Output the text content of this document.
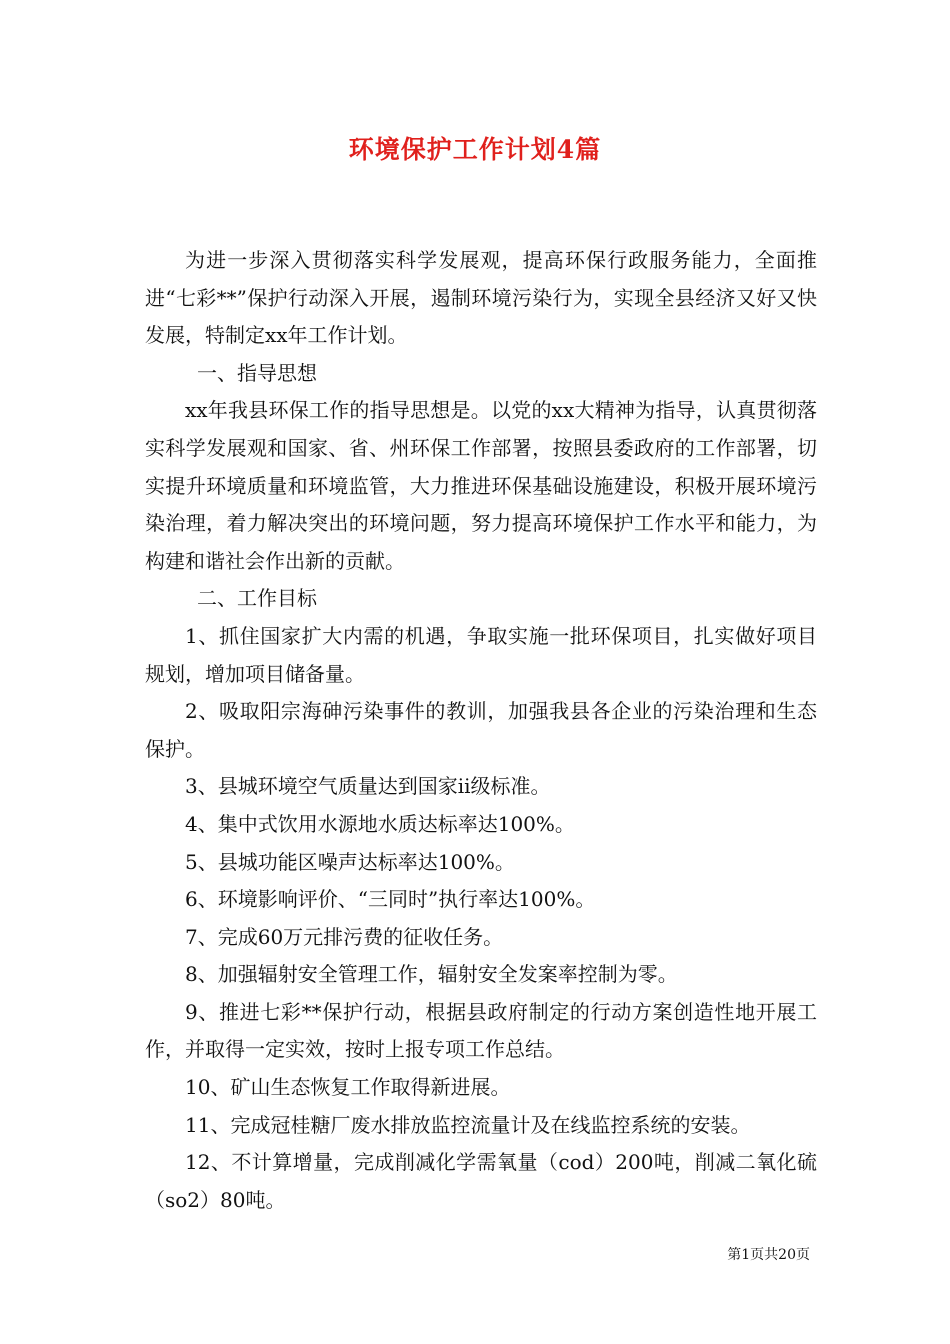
环境保护工作计划4篇

为进一步深入贯彻落实科学发展观，提高环保行政服务能力，全面推进“七彩**”保护行动深入开展，遏制环境污染行为，实现全县经济又好又快发展，特制定xx年工作计划。

一、指导思想

xx年我县环保工作的指导思想是。以党的xx大精神为指导，认真贯彻落实科学发展观和国家、省、州环保工作部署，按照县委政府的工作部署，切实提升环境质量和环境监管，大力推进环保基础设施建设，积极开展环境污染治理，着力解决突出的环境问题，努力提高环境保护工作水平和能力，为构建和谐社会作出新的贡献。

二、工作目标

1、抓住国家扩大内需的机遇，争取实施一批环保项目，扎实做好项目规划，增加项目储备量。

2、吸取阳宗海砷污染事件的教训，加强我县各企业的污染治理和生态保护。

3、县城环境空气质量达到国家ii级标准。

4、集中式饮用水源地水质达标率达100%。

5、县城功能区噪声达标率达100%。

6、环境影响评价、“三同时”执行率达100%。

7、完成60万元排污费的征收任务。

8、加强辐射安全管理工作，辐射安全发案率控制为零。

9、推进七彩**保护行动，根据县政府制定的行动方案创造性地开展工作，并取得一定实效，按时上报专项工作总结。

10、矿山生态恢复工作取得新进展。

11、完成冠桂糖厂废水排放监控流量计及在线监控系统的安装。

12、不计算增量，完成削减化学需氧量（cod）200吨，削减二氧化硫（so2）80吨。

第1页共20页
